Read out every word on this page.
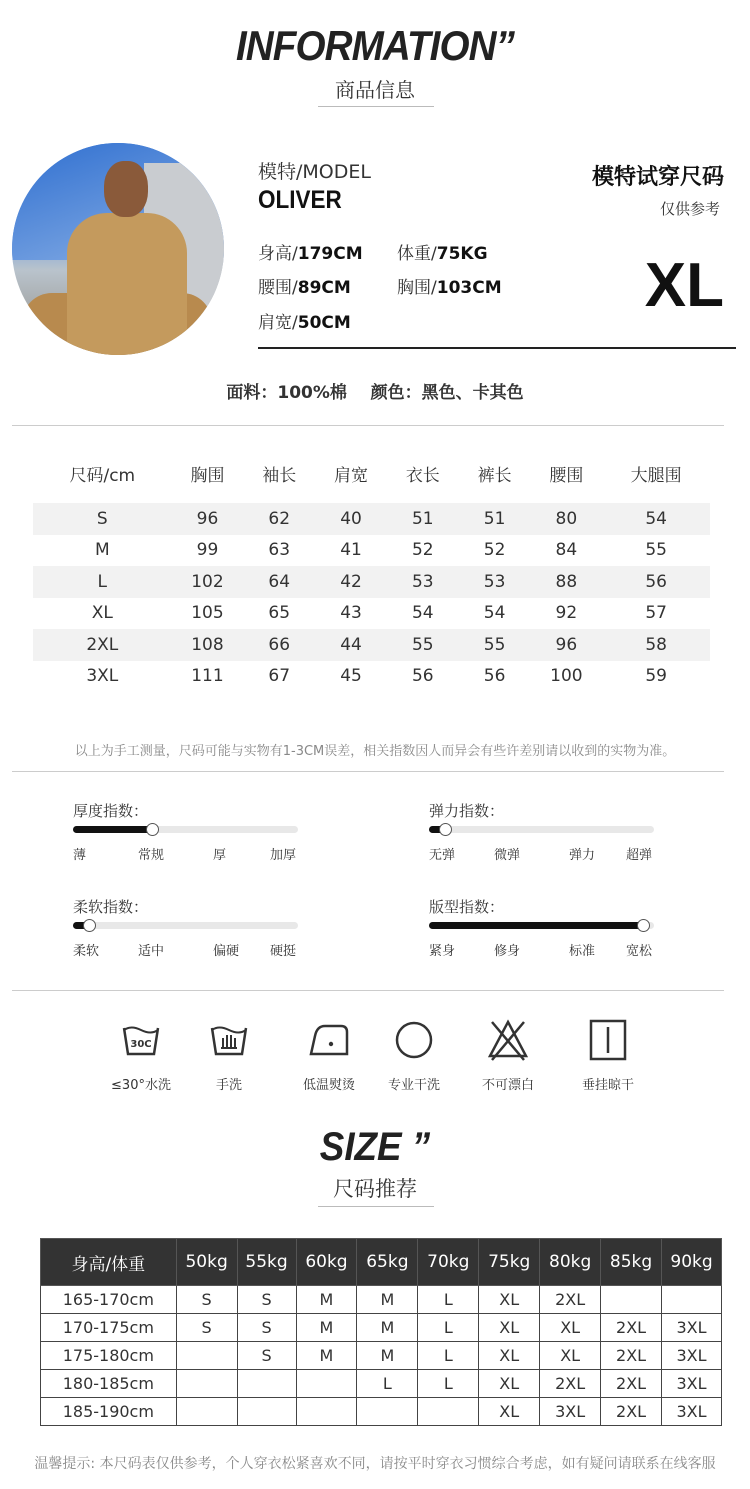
INFORMATION”
商品信息
模特/MODEL
OLIVER
身高/179CM 体重/75KG
腰围/89CM	胸围/103CM
肩宽/50CM
模特试穿尺码
仅供参考
XL
面料：100%棉    颜色：黑色、卡其色
尺码/cm	胸围	袖长	肩宽	衣长	裤长	腰围	大腿围
S	96	62	40	51	51	80	54
M	99	63	41	52	52	84	55
L	102	64	42	53	53	88	56
XL	105	65	43	54	54	92	57
2XL	108	66	44	55	55	96	58
3XL	111	67	45	56	56	100	59
以上为手工测量，尺码可能与实物有1-3CM误差，相关指数因人而异会有些许差别请以收到的实物为准。
厚度指数：
薄	常规	厚	加厚
弹力指数：
无弹	微弹	弹力 超弹
柔软指数：
柔软	适中	偏硬 硬挺
版型指数：
紧身	修身	标准 宽松
30C
≤30°水洗	手洗	低温熨烫	专业干洗	不可漂白	垂挂晾干
SIZE ”
尺码推荐
身高/体重	50kg	55kg	60kg	65kg	70kg	75kg	80kg	85kg	90kg
165-170cm	S	S	M	M	L	XL	2XL		
170-175cm	S	S	M	M	L	XL	XL	2XL	3XL
175-180cm		S	M	M	L	XL	XL	2XL	3XL
180-185cm				L	L	XL	2XL	2XL	3XL
185-190cm						XL	3XL	2XL	3XL
温馨提示: 本尺码表仅供参考，个人穿衣松紧喜欢不同，请按平时穿衣习惯综合考虑，如有疑问请联系在线客服
